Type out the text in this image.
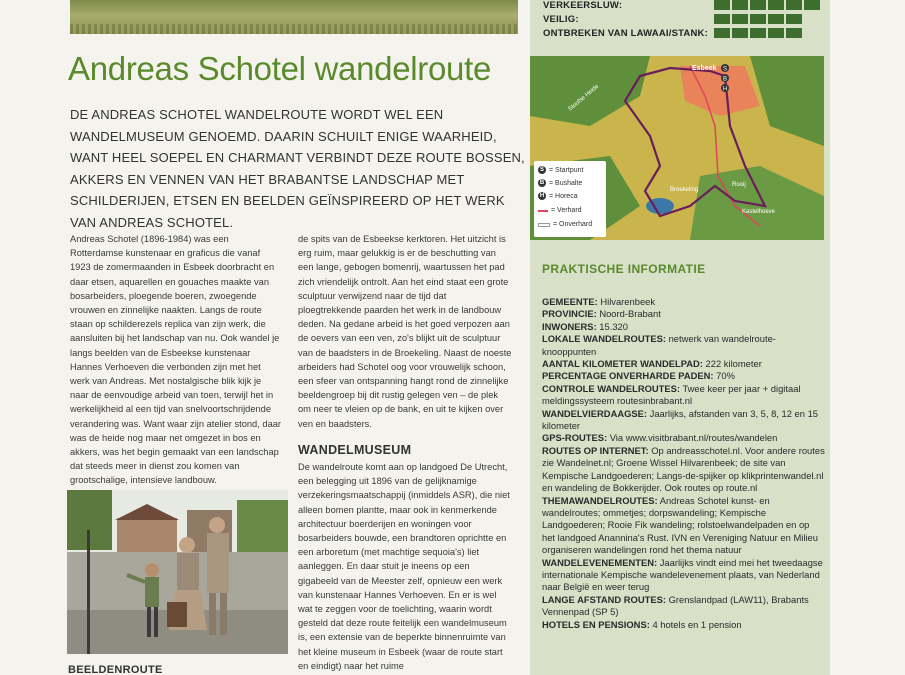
Andreas Schotel wandelroute

DE ANDREAS SCHOTEL WANDELROUTE WORDT WEL EEN WANDELMUSEUM GENOEMD. DAARIN SCHUILT ENIGE WAARHEID, WANT HEEL SOEPEL EN CHARMANT VERBINDT DEZE ROUTE BOSSEN, AKKERS EN VENNEN VAN HET BRABANTSE LANDSCHAP MET SCHILDERIJEN, ETSEN EN BEELDEN GEÏNSPIREERD OP HET WERK VAN ANDREAS SCHOTEL.

Andreas Schotel (1896-1984) was een Rotterdamse kunstenaar en graficus die vanaf 1923 de zomermaanden in Esbeek doorbracht en daar etsen, aquarellen en gouaches maakte van bosarbeiders, ploegende boeren, zwoegende vrouwen en zinnelijke naakten. Langs de route staan op schilderezels replica van zijn werk, die aansluiten bij het landschap van nu. Ook wandel je langs beelden van de Esbeekse kunstenaar Hannes Verhoeven die verbonden zijn met het werk van Andreas. Met nostalgische blik kijk je naar de eenvoudige arbeid van toen, terwijl het in werkelijkheid al een tijd van snelvoortschrijdende verandering was. Want waar zijn atelier stond, daar was de heide nog maar net omgezet in bos en akkers, was het begin gemaakt van een landschap dat steeds meer in dienst zou komen van grootschalige, intensieve landbouw.

de spits van de Esbeekse kerktoren. Het uitzicht is erg ruim, maar gelukkig is er de beschutting van een lange, gebogen bomenrij, waartussen het pad zich vriendelijk ontrolt. Aan het eind staat een grote sculptuur verwijzend naar de tijd dat ploegtrekkende paarden het werk in de landbouw deden. Na gedane arbeid is het goed verpozen aan de oevers van een ven, zo's blijkt uit de sculptuur van de baadsters in de Broekeling. Naast de noeste arbeiders had Schotel oog voor vrouwelijk schoon, een sfeer van ontspanning hangt rond de zinnelijke beeldengroep bij dit rustig gelegen ven – de plek om neer te vleien op de bank, en uit te kijken over ven en baadsters.

WANDELMUSEUM

De wandelroute komt aan op landgoed De Utrecht, een belegging uit 1896 van de gelijknamige verzekeringsmaatschappij (inmiddels ASR), die niet alleen bomen plantte, maar ook in kenmerkende architectuur boerderijen en woningen voor bosarbeiders bouwde, een brandtoren oprichtte en een arboretum (met machtige sequoia's) liet aanleggen. En daar stuit je ineens op een gigabeeld van de Meester zelf, opnieuw een werk van kunstenaar Hannes Verhoeven. En er is wel wat te zeggen voor de toelichting, waarin wordt gesteld dat deze route feitelijk een wandelmuseum is, een extensie van de beperkte binnenruimte van het kleine museum in Esbeek (waar de route start en eindigt) naar het ruime

BEELDENROUTE
VERKEERSLUW:
VEILIG:
ONTBREKEN VAN LAWAAI/STANK:
S
B
H
Esbeek
Stoofse Heide
Broekeling
Rooij
Kastelhoeve
S = Startpunt
B = Bushalte
H = Horeca
= Verhard
= Onverhard
PRAKTISCHE INFORMATIE

GEMEENTE: Hilvarenbeek

PROVINCIE: Noord-Brabant

INWONERS: 15.320

LOKALE WANDELROUTES: netwerk van wandelroute-knooppunten

AANTAL KILOMETER WANDELPAD: 222 kilometer

PERCENTAGE ONVERHARDE PADEN: 70%

CONTROLE WANDELROUTES: Twee keer per jaar + digitaal meldingssysteem routesinbrabant.nl

WANDELVIERDAAGSE: Jaarlijks, afstanden van 3, 5, 8, 12 en 15 kilometer

GPS-ROUTES: Via www.visitbrabant.nl/routes/wandelen

ROUTES OP INTERNET: Op andreasschotel.nl. Voor andere routes zie Wandelnet.nl; Groene Wissel Hilvarenbeek; de site van Kempische Landgoederen; Langs-de-spijker op klikprintenwandel.nl en wandeling de Bokkerijder. Ook routes op route.nl

THEMAWANDELROUTES: Andreas Schotel kunst- en wandelroutes; ommetjes; dorpswandeling; Kempische Landgoederen; Rooie Fik wandeling; rolstoelwandelpaden en op het landgoed Anannina's Rust. IVN en Vereniging Natuur en Milieu organiseren wandelingen rond het thema natuur

WANDELEVENEMENTEN: Jaarlijks vindt eind mei het tweedaagse internationale Kempische wandelevenement plaats, van Nederland naar België en weer terug

LANGE AFSTAND ROUTES: Grenslandpad (LAW11), Brabants Vennenpad (SP 5)

HOTELS EN PENSIONS: 4 hotels en 1 pension
